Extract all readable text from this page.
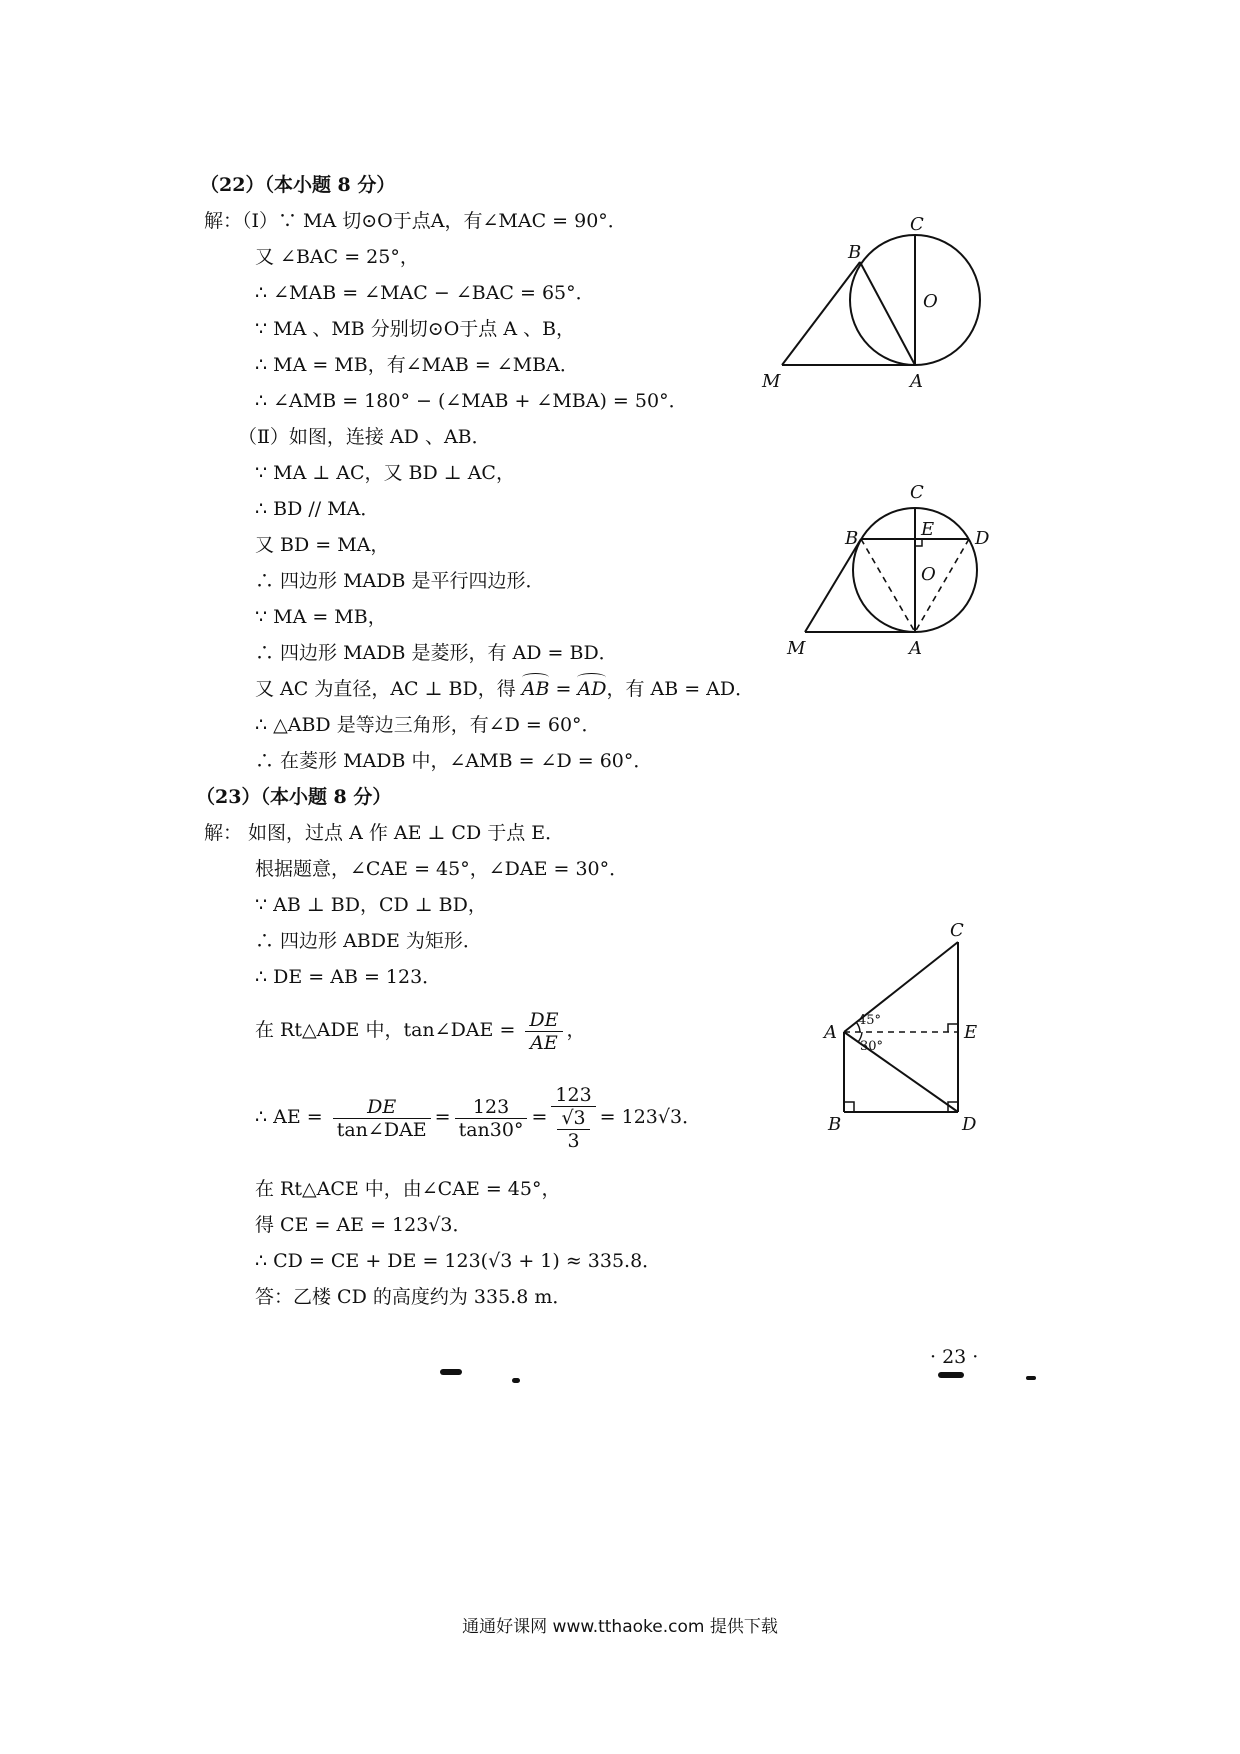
（22）（本小题 8 分）
解：（Ⅰ）∵ MA 切⊙O于点A，有∠MAC = 90°．
又 ∠BAC = 25°，
∴ ∠MAB = ∠MAC − ∠BAC = 65°．
∵ MA 、MB 分别切⊙O于点 A 、B，
∴ MA = MB，有∠MAB = ∠MBA．
∴ ∠AMB = 180° − (∠MAB + ∠MBA) = 50°．
（Ⅱ）如图，连接 AD 、AB．
∵ MA ⊥ AC，又 BD ⊥ AC，
∴ BD // MA．
又 BD = MA，
∴ 四边形 MADB 是平行四边形．
∵ MA = MB，
∴ 四边形 MADB 是菱形，有 AD = BD．
又 AC 为直径，AC ⊥ BD，得
AB =
AD，有 AB = AD．
∴ △ABD 是等边三角形，有∠D = 60°．
∴ 在菱形 MADB 中，∠AMB = ∠D = 60°．
（23）（本小题 8 分）
解： 如图，过点 A 作 AE ⊥ CD 于点 E．
根据题意，∠CAE = 45°，∠DAE = 30°．
∵ AB ⊥ BD，CD ⊥ BD，
∴ 四边形 ABDE 为矩形．
∴ DE = AB = 123．
在 Rt△ADE 中，tan∠DAE = $\frac{DE}{AE}$ ，
∴ AE = $\frac{DE}{\text{tan∠DAE}} = \frac{123}{\tan 30^\circ} = \frac{123}{\frac{√3}{3}} = 123√3$．
在 Rt△ACE 中，由∠CAE = 45°，
得 CE = AE = 123√3．
∴ CD = CE + DE = 123(√3 + 1) ≈ 335.8．
答：乙楼 CD 的高度约为 335.8 m．
C
B
O
M	A
C
E
B	D
O
M	A
C
A	E
B	D
45°
30°
· 23 ·
通通好课网 www.tthaoke.com 提供下载
